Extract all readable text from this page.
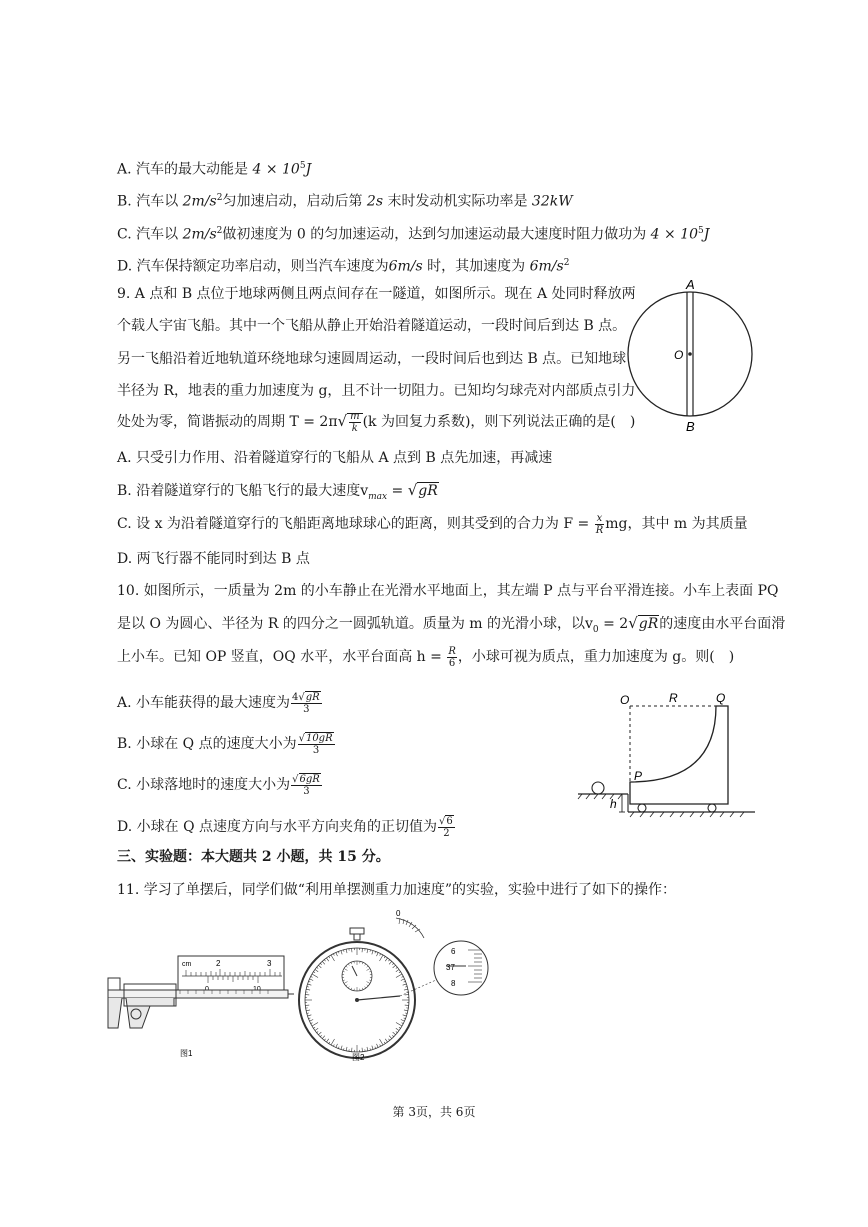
A. 汽车的最大动能是 $4 \times 10^5J$
B. 汽车以 $2m/s^2$匀加速启动，启动后第 2s 末时发动机实际功率是 32kW
C. 汽车以 $2m/s^2$做初速度为 0 的匀加速运动，达到匀加速运动最大速度时阻力做功为 $4 \times 10^5J$
D. 汽车保持额定功率启动，则当汽车速度为6m/s 时，其加速度为 $6m/s^2$
9. A 点和 B 点位于地球两侧且两点间存在一隧道，如图所示。现在 A 处同时释放两
个载人宇宙飞船。其中一个飞船从静止开始沿着隧道运动，一段时间后到达 B 点。
另一飞船沿着近地轨道环绕地球匀速圆周运动，一段时间后也到达 B 点。已知地球
半径为 R，地表的重力加速度为 g，且不计一切阻力。已知均匀球壳对内部质点引力
处处为零，简谐振动的周期 $T = 2\pi√ \frac{m}{k} (k$ 为回复力系数)，则下列说法正确的是(　)
A. 只受引力作用、沿着隧道穿行的飞船从 A 点到 B 点先加速，再减速
B. 沿着隧道穿行的飞船飞行的最大速度$v_{max} = √gR$
C. 设 x 为沿着隧道穿行的飞船距离地球球心的距离，则其受到的合力为 $F = \frac{x}{R}$ mg，其中 m 为其质量
D. 两飞行器不能同时到达 B 点
A
B
O
10. 如图所示，一质量为 2m 的小车静止在光滑水平地面上，其左端 P 点与平台平滑连接。小车上表面 PQ
是以 O 为圆心、半径为 R 的四分之一圆弧轨道。质量为 m 的光滑小球，以$v_0 = 2√gR$的速度由水平台面滑
上小车。已知 OP 竖直，OQ 水平，水平台面高 $h = \frac{R}{6}$ ，小球可视为质点，重力加速度为 g。则(　)
A. 小车能获得的最大速度为 $\frac{4√gR}{3}$
B. 小球在 Q 点的速度大小为 $\frac{√10gR}{3}$
C. 小球落地时的速度大小为 $\frac{√6gR}{3}$
D. 小球在 Q 点速度方向与水平方向夹角的正切值为 $\frac{√6}{2}$
h
O	R	Q
P
三、实验题：本大题共 2 小题，共 15 分。
11. 学习了单摆后，同学们做“利用单摆测重力加速度”的实验，实验中进行了如下的操作：
cm	2	3
图1
0
6
37
8
图2
第 3页，共 6页
